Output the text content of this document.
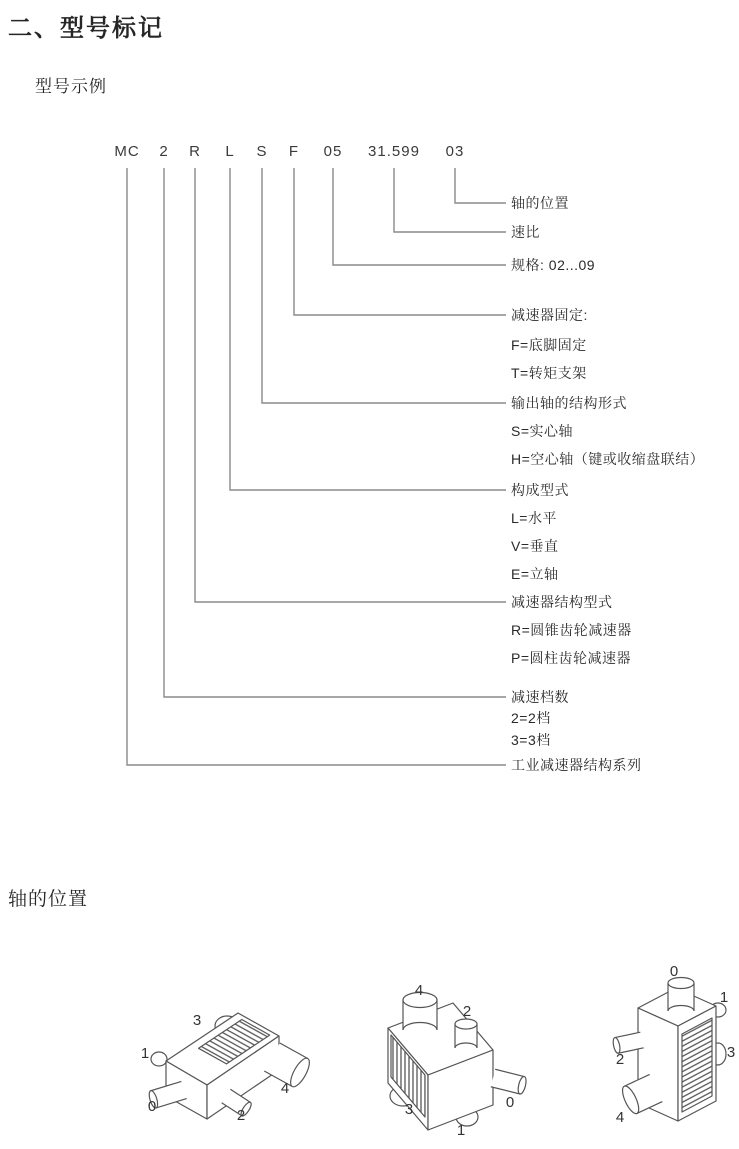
二、型号标记
型号示例
MC 2 R L S F 05 31.599 03
轴的位置
速比
规格: 02...09
减速器固定:
F=底脚固定
T=转矩支架
输出轴的结构形式
S=实心轴
H=空心轴（键或收缩盘联结）
构成型式
L=水平
V=垂直
E=立轴
减速器结构型式
R=圆锥齿轮减速器
P=圆柱齿轮减速器
减速档数
2=2档
3=3档
工业减速器结构系列
轴的位置
0
1
2
3
4
0
1
2
3
4
0
1
2	3
4
